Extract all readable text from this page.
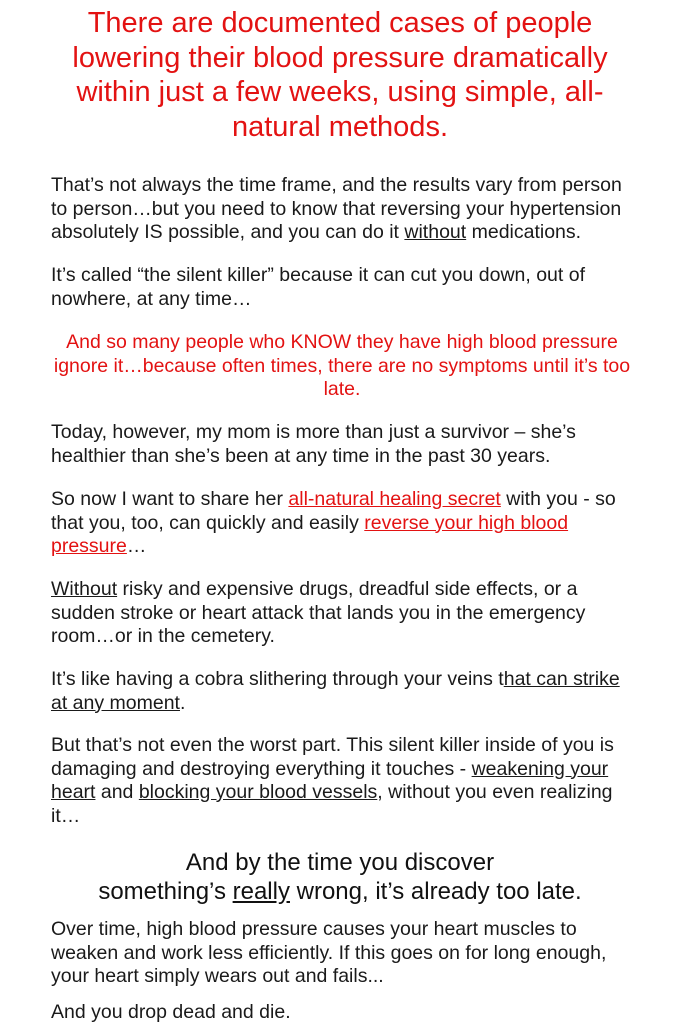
There are documented cases of people lowering their blood pressure dramatically within just a few weeks, using simple, all-natural methods.

That’s not always the time frame, and the results vary from person to person…but you need to know that reversing your hypertension absolutely IS possible, and you can do it without medications.

It’s called “the silent killer” because it can cut you down, out of nowhere, at any time…

And so many people who KNOW they have high blood pressure ignore it…because often times, there are no symptoms until it’s too late.

Today, however, my mom is more than just a survivor – she’s healthier than she’s been at any time in the past 30 years.

So now I want to share her all-natural healing secret with you - so that you, too, can quickly and easily reverse your high blood pressure…

Without risky and expensive drugs, dreadful side effects, or a sudden stroke or heart attack that lands you in the emergency room…or in the cemetery.

It’s like having a cobra slithering through your veins that can strike at any moment.

But that’s not even the worst part. This silent killer inside of you is damaging and destroying everything it touches - weakening your heart and blocking your blood vessels, without you even realizing it…

And by the time you discover
something’s really wrong, it’s already too late.

Over time, high blood pressure causes your heart muscles to weaken and work less efficiently. If this goes on for long enough, your heart simply wears out and fails...

And you drop dead and die.
